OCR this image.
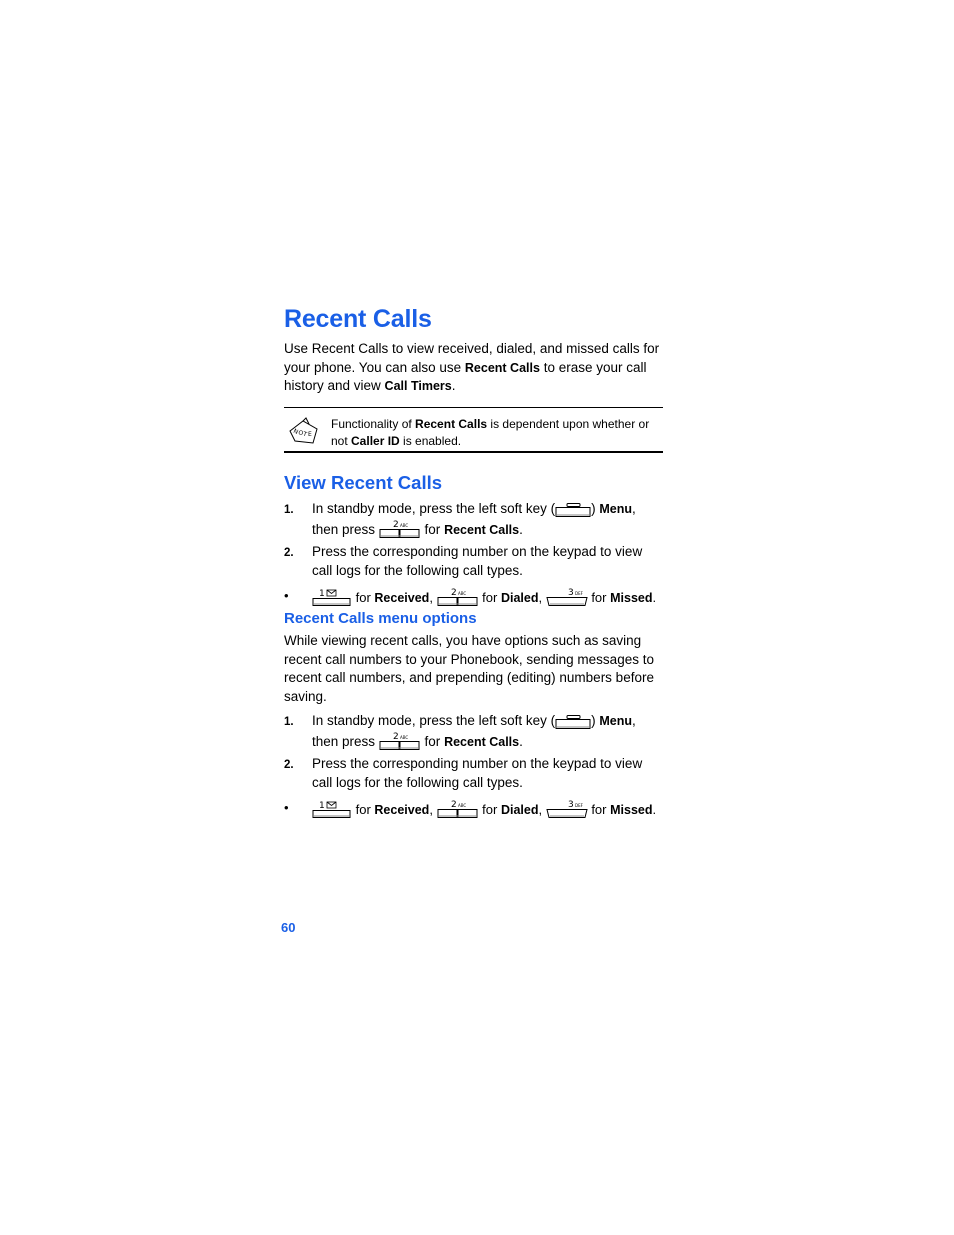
Recent Calls

Use Recent Calls to view received, dialed, and missed calls for your phone. You can also use Recent Calls to erase your call history and view Call Timers.

N
O
T E

Functionality of Recent Calls is dependent upon whether or not Caller ID is enabled.

View Recent Calls
1. In standby mode, press the left soft key (	) Menu, then press 2 ABC for Recent Calls.
2. Press the corresponding number on the keypad to view call logs for the following call types.
•	1 for Received, 2 ABC for Dialed, 3 DEF for Missed.
Recent Calls menu options

While viewing recent calls, you have options such as saving recent call numbers to your Phonebook, sending messages to recent call numbers, and prepending (editing) numbers before saving.

1. In standby mode, press the left soft key (	) Menu, then press 2 ABC for Recent Calls.
2. Press the corresponding number on the keypad to view call logs for the following call types.
•	1 for Received, 2 ABC for Dialed, 3 DEF for Missed.
60
